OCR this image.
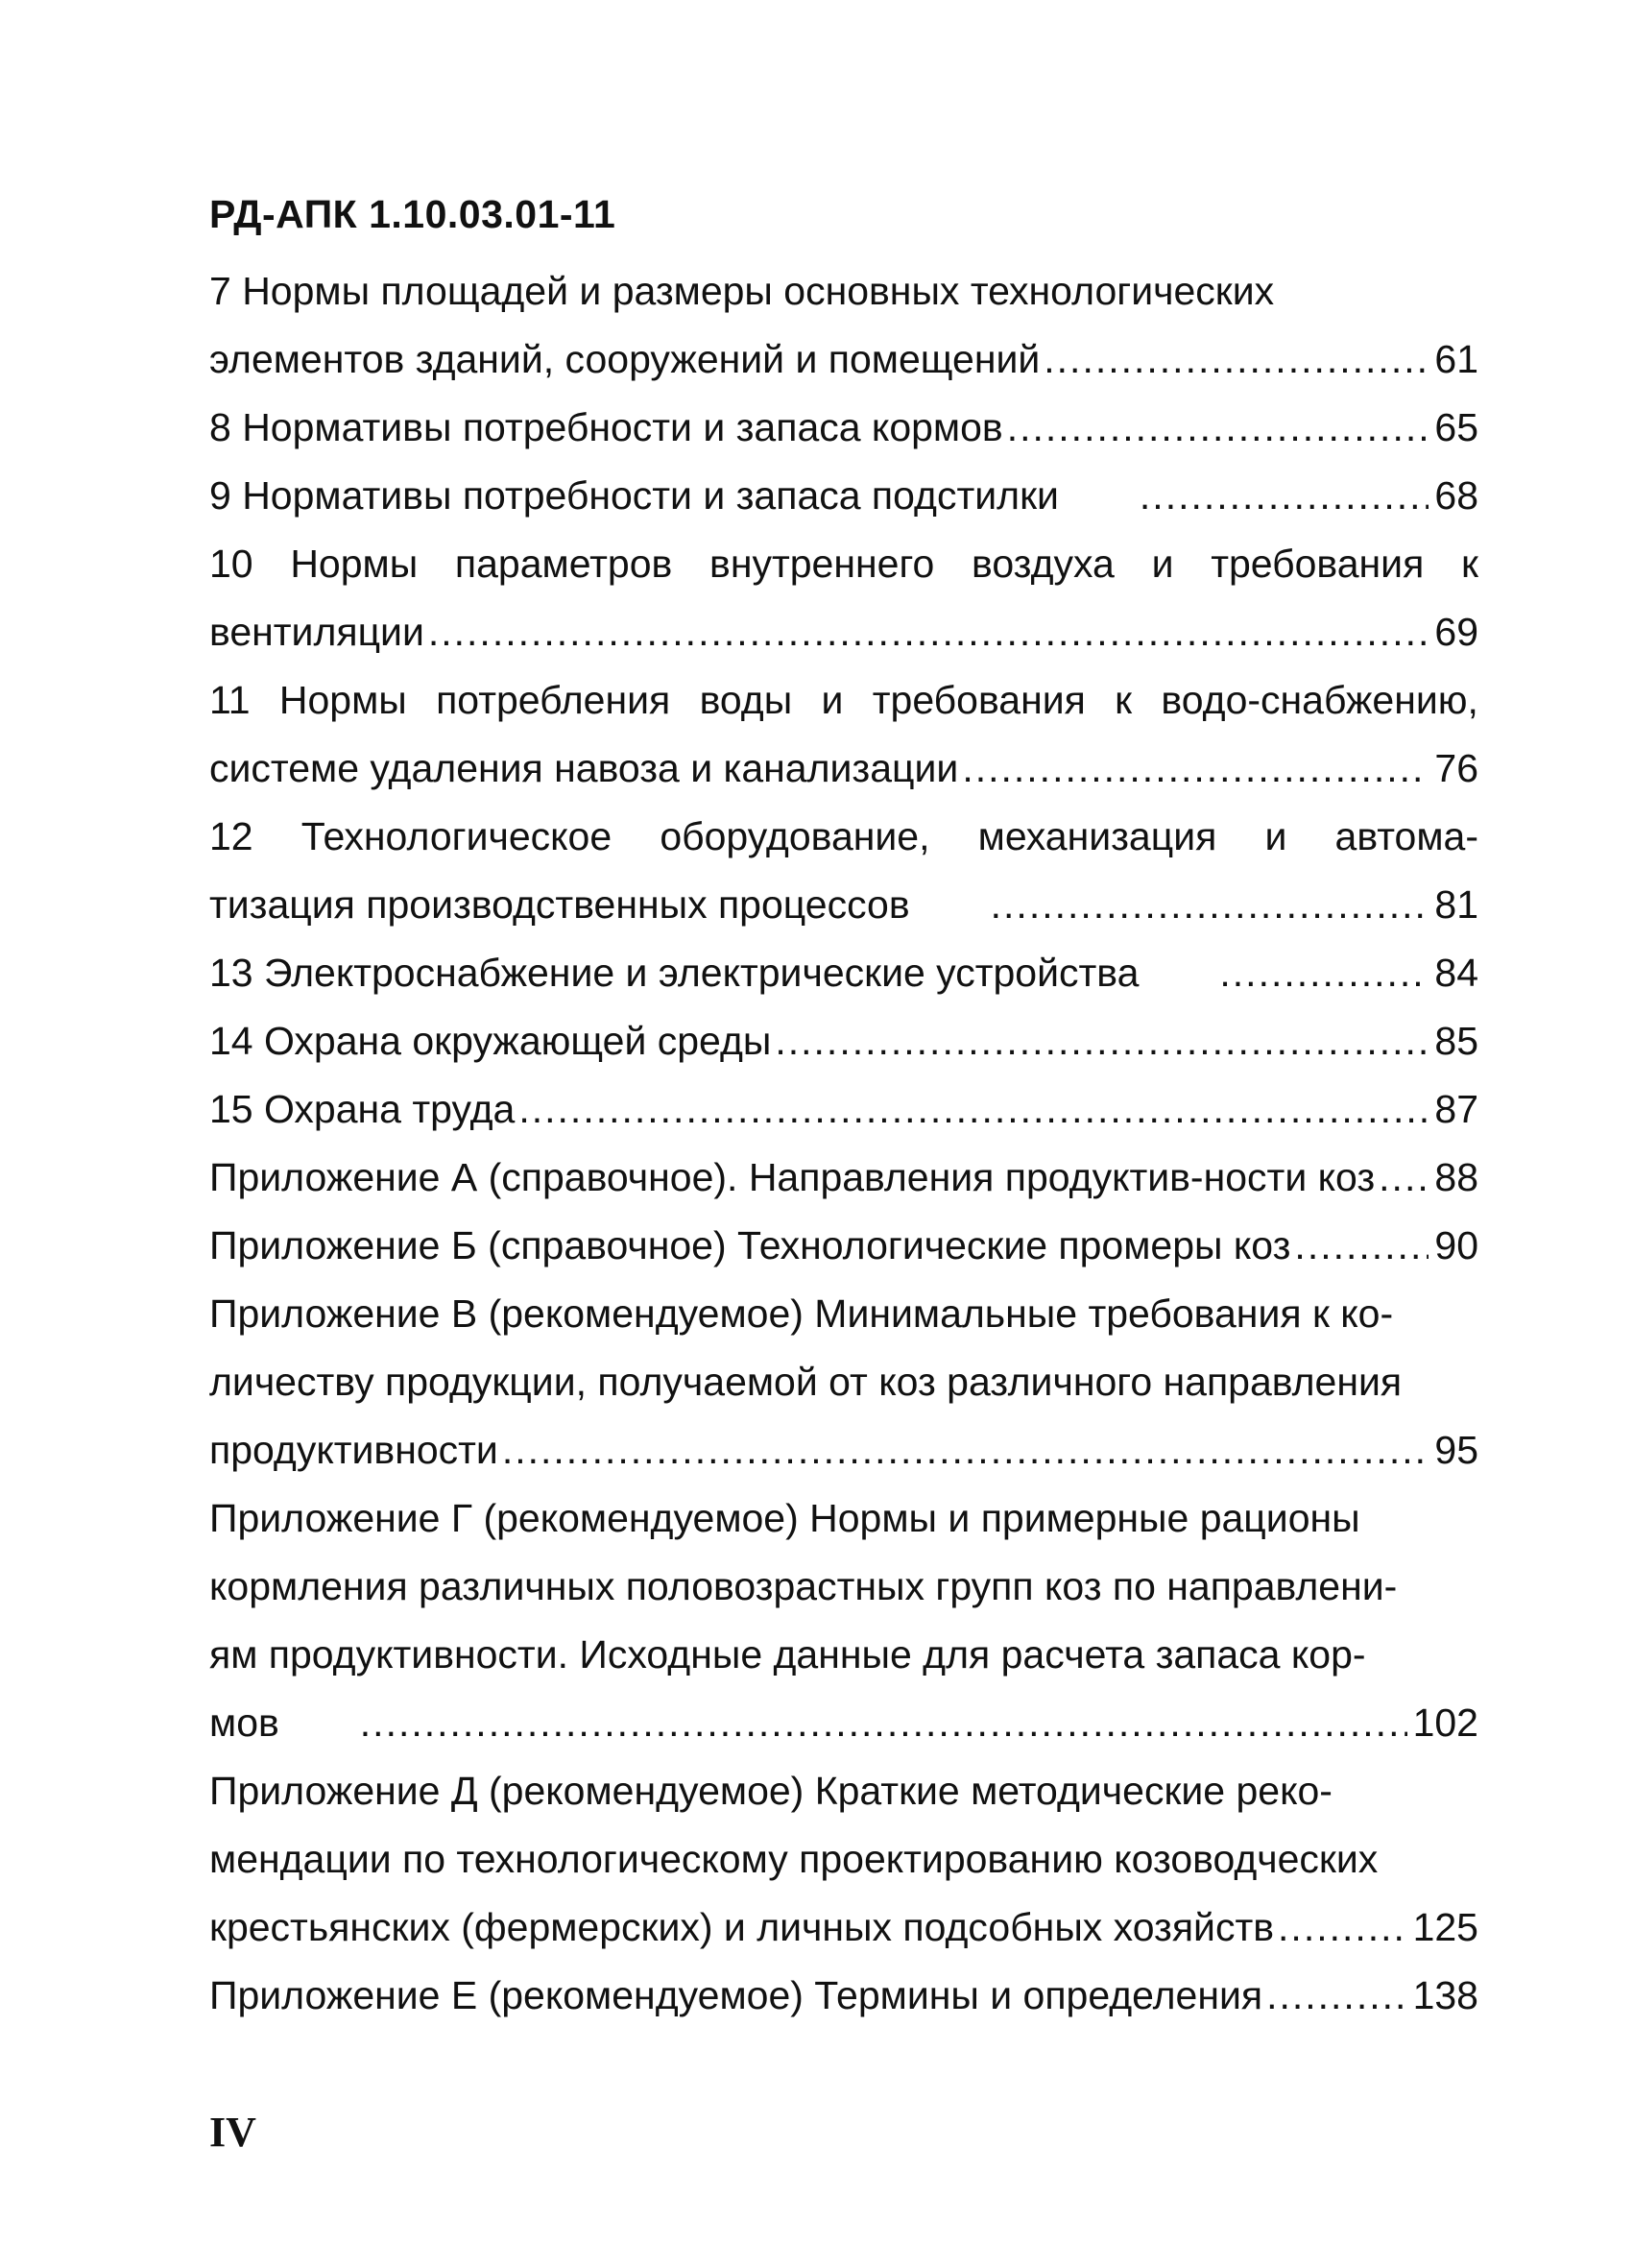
РД-АПК 1.10.03.01-11
7 Нормы площадей и размеры основных технологических
элементов зданий, сооружений и помещений .....	61
8 Нормативы потребности и запаса кормов .....	65
9 Нормативы потребности и запаса подстилки .....	68
10 Нормы параметров внутреннего воздуха и требования к
вентиляции .....	69
11 Нормы потребления воды и требования к водо-снабжению,
системе удаления навоза и канализации .....	76
12 Технологическое оборудование, механизация и автома-
тизация производственных процессов .....	81
13 Электроснабжение и электрические устройства .....	84
14 Охрана окружающей среды .....	85
15 Охрана труда .....	87
Приложение А (справочное). Направления продуктив-ности коз ..... 88
Приложение Б (справочное) Технологические промеры коз .....	90
Приложение В (рекомендуемое) Минимальные требования к ко-
личеству продукции, получаемой от коз различного направления
продуктивности .....	95
Приложение Г (рекомендуемое) Нормы и примерные рационы
кормления различных половозрастных групп коз по направлени-
ям продуктивности. Исходные данные для расчета запаса кор-
мов .....	102
Приложение Д (рекомендуемое) Краткие методические реко-
мендации по технологическому проектированию козоводческих
крестьянских (фермерских) и личных подсобных хозяйств .....	125
Приложение Е (рекомендуемое) Термины и определения .....	138
IV
